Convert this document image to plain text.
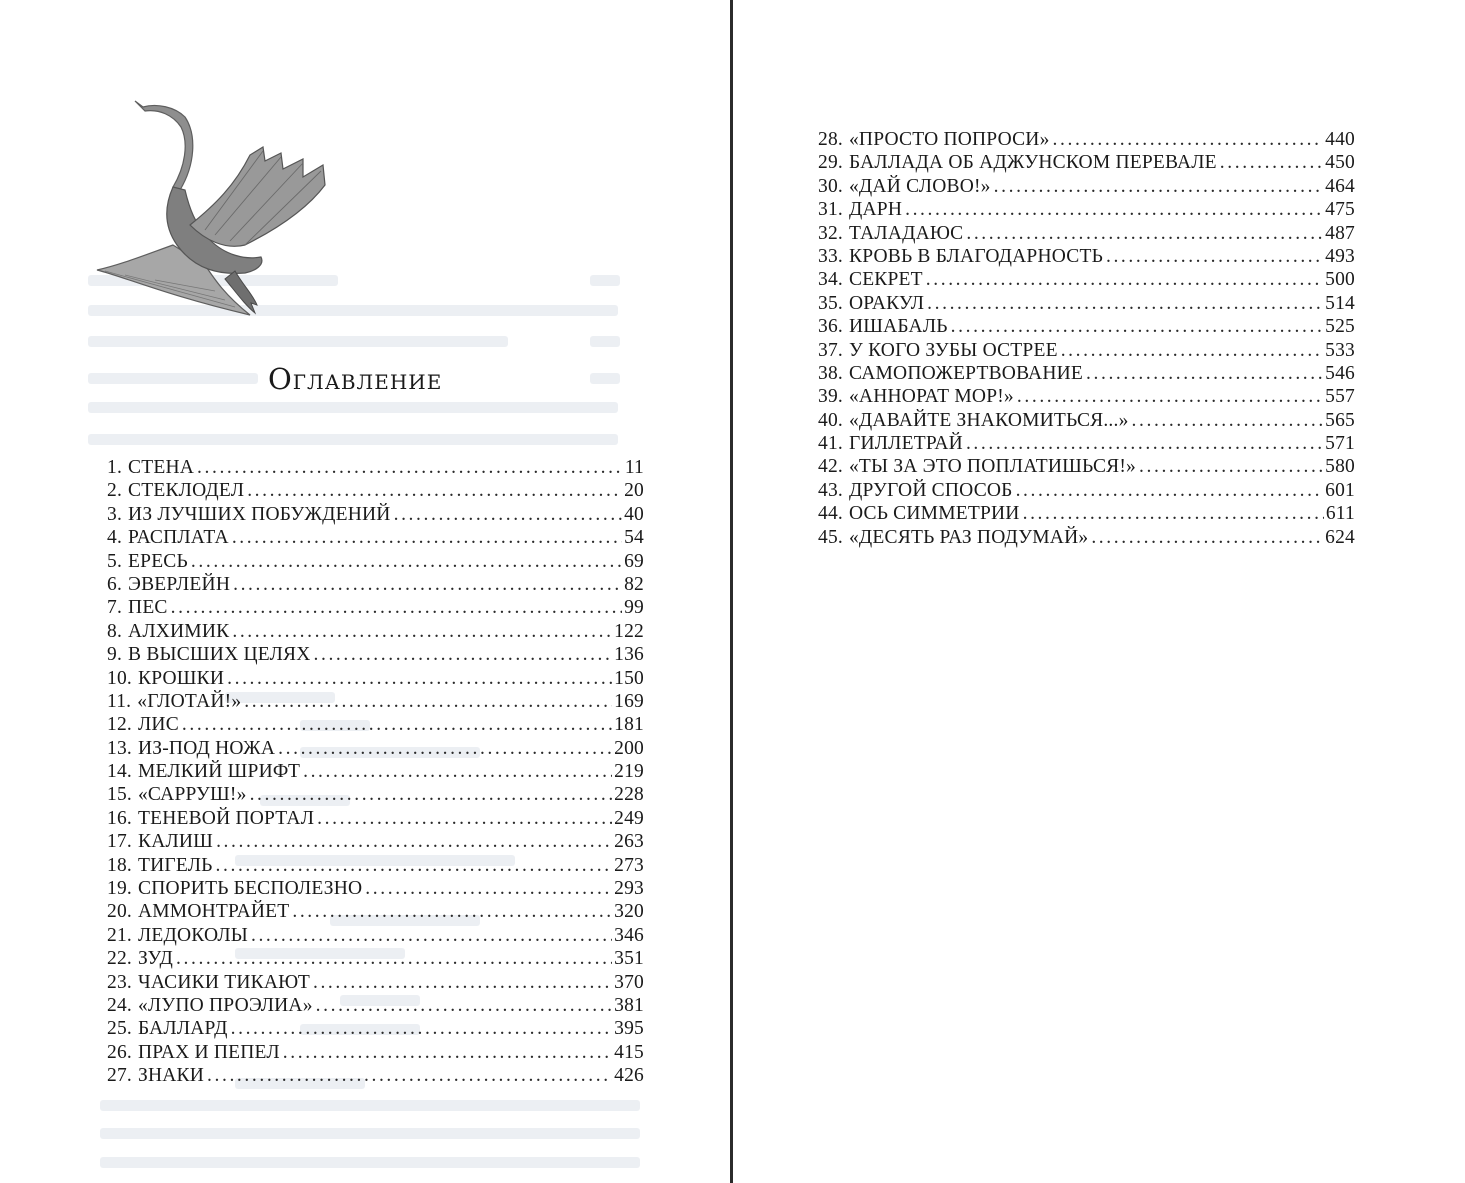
Оглавление
1. СТЕНА .....	11
2. СТЕКЛОДЕЛ .....	20
3. ИЗ ЛУЧШИХ ПОБУЖДЕНИЙ .....	40
4. РАСПЛАТА .....	54
5. ЕРЕСЬ .....	69
6. ЭВЕРЛЕЙН .....	82
7. ПЕС .....	99
8. АЛХИМИК .....	122
9. В ВЫСШИХ ЦЕЛЯХ .....	136
10. КРОШКИ .....	150
11. «ГЛОТАЙ!» .....	169
12. ЛИС .....	181
13. ИЗ-ПОД НОЖА .....	200
14. МЕЛКИЙ ШРИФТ .....	219
15. «САРРУШ!» .....	228
16. ТЕНЕВОЙ ПОРТАЛ .....	249
17. КАЛИШ .....	263
18. ТИГЕЛЬ .....	273
19. СПОРИТЬ БЕСПОЛЕЗНО .....	293
20. АММОНТРАЙЕТ .....	320
21. ЛЕДОКОЛЫ .....	346
22. ЗУД .....	351
23. ЧАСИКИ ТИКАЮТ .....	370
24. «ЛУПО ПРОЭЛИА» .....	381
25. БАЛЛАРД .....	395
26. ПРАХ И ПЕПЕЛ .....	415
27. ЗНАКИ .....	426
28. «ПРОСТО ПОПРОСИ» .....	440
29. БАЛЛАДА ОБ АДЖУНСКОМ ПЕРЕВАЛЕ .....	450
30. «ДАЙ СЛОВО!» .....	464
31. ДАРН .....	475
32. ТАЛАДАЮС .....	487
33. КРОВЬ В БЛАГОДАРНОСТЬ .....	493
34. СЕКРЕТ .....	500
35. ОРАКУЛ .....	514
36. ИШАБАЛЬ .....	525
37. У КОГО ЗУБЫ ОСТРЕЕ .....	533
38. САМОПОЖЕРТВОВАНИЕ .....	546
39. «АННОРАТ МОР!» .....	557
40. «ДАВАЙТЕ ЗНАКОМИТЬСЯ...» .....	565
41. ГИЛЛЕТРАЙ .....	571
42. «ТЫ ЗА ЭТО ПОПЛАТИШЬСЯ!» .....	580
43. ДРУГОЙ СПОСОБ .....	601
44. ОСЬ СИММЕТРИИ .....	611
45. «ДЕСЯТЬ РАЗ ПОДУМАЙ» .....	624
